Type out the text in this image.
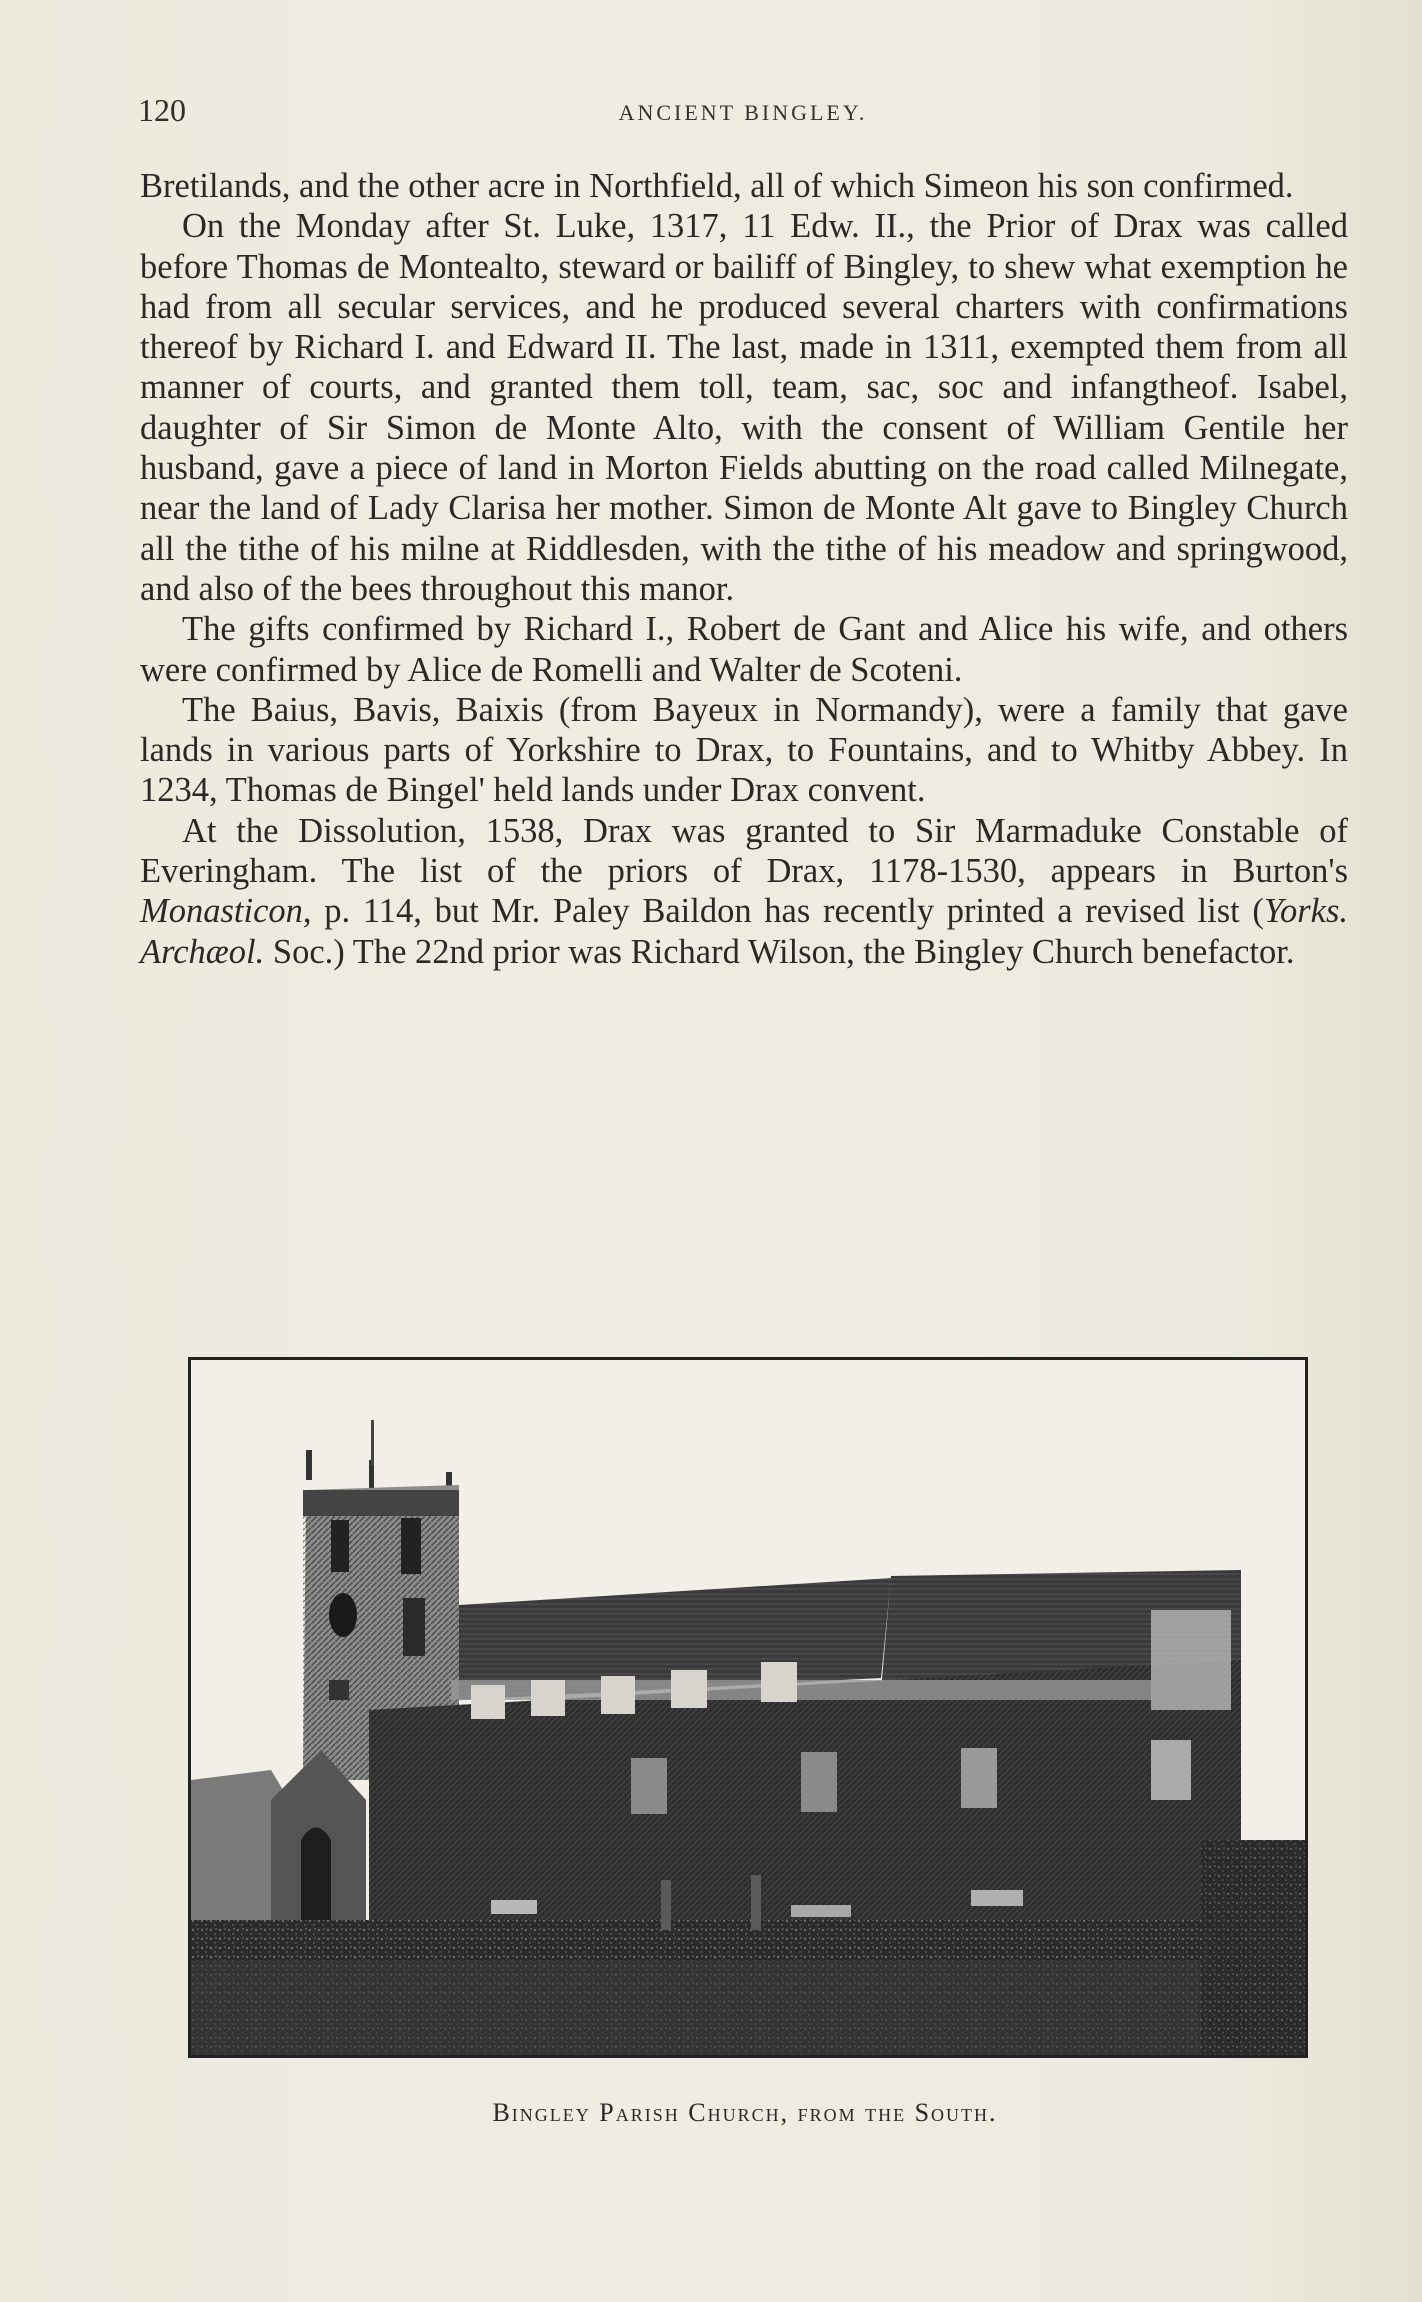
120	ANCIENT BINGLEY.

Bretilands, and the other acre in Northfield, all of which Simeon his son confirmed.

On the Monday after St. Luke, 1317, 11 Edw. II., the Prior of Drax was called before Thomas de Montealto, steward or bailiff of Bingley, to shew what exemption he had from all secular services, and he produced several charters with confirmations thereof by Richard I. and Edward II. The last, made in 1311, exempted them from all manner of courts, and granted them toll, team, sac, soc and infangtheof. Isabel, daughter of Sir Simon de Monte Alto, with the consent of William Gentile her husband, gave a piece of land in Morton Fields abutting on the road called Milnegate, near the land of Lady Clarisa her mother. Simon de Monte Alt gave to Bingley Church all the tithe of his milne at Riddlesden, with the tithe of his meadow and springwood, and also of the bees throughout this manor.

The gifts confirmed by Richard I., Robert de Gant and Alice his wife, and others were confirmed by Alice de Romelli and Walter de Scoteni.

The Baius, Bavis, Baixis (from Bayeux in Normandy), were a family that gave lands in various parts of Yorkshire to Drax, to Fountains, and to Whitby Abbey. In 1234, Thomas de Bingel' held lands under Drax convent.

At the Dissolution, 1538, Drax was granted to Sir Marmaduke Constable of Everingham. The list of the priors of Drax, 1178-1530, appears in Burton's Monasticon, p. 114, but Mr. Paley Baildon has recently printed a revised list (Yorks. Archæol. Soc.) The 22nd prior was Richard Wilson, the Bingley Church benefactor.

Bingley Parish Church, from the South.
